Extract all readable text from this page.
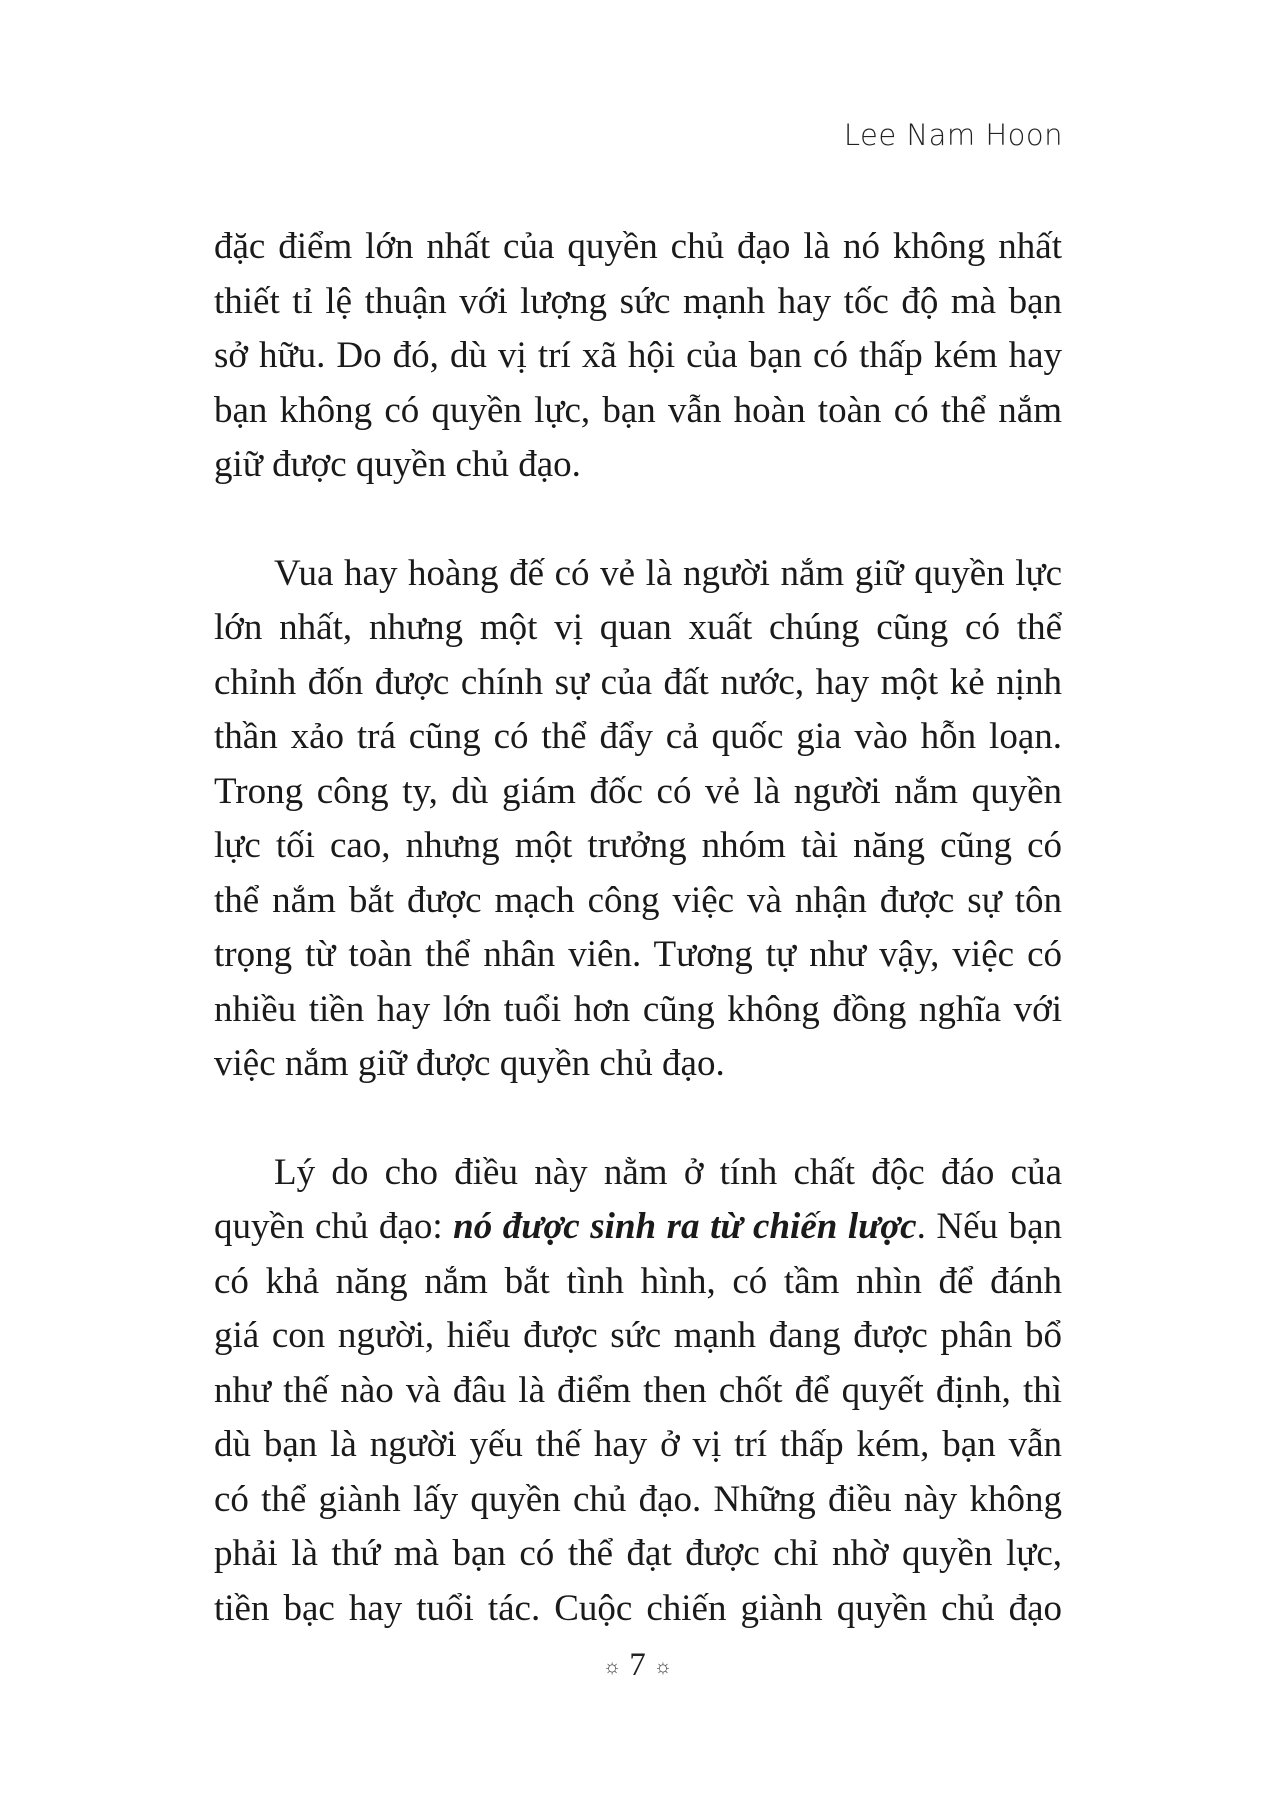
Lee Nam Hoon

đặc điểm lớn nhất của quyền chủ đạo là nó không nhất
thiết tỉ lệ thuận với lượng sức mạnh hay tốc độ mà bạn
sở hữu. Do đó, dù vị trí xã hội của bạn có thấp kém hay
bạn không có quyền lực, bạn vẫn hoàn toàn có thể nắm
giữ được quyền chủ đạo.

Vua hay hoàng đế có vẻ là người nắm giữ quyền lực
lớn nhất, nhưng một vị quan xuất chúng cũng có thể
chỉnh đốn được chính sự của đất nước, hay một kẻ nịnh
thần xảo trá cũng có thể đẩy cả quốc gia vào hỗn loạn.
Trong công ty, dù giám đốc có vẻ là người nắm quyền
lực tối cao, nhưng một trưởng nhóm tài năng cũng có
thể nắm bắt được mạch công việc và nhận được sự tôn
trọng từ toàn thể nhân viên. Tương tự như vậy, việc có
nhiều tiền hay lớn tuổi hơn cũng không đồng nghĩa với
việc nắm giữ được quyền chủ đạo.

Lý do cho điều này nằm ở tính chất độc đáo của
quyền chủ đạo: nó được sinh ra từ chiến lược. Nếu bạn
có khả năng nắm bắt tình hình, có tầm nhìn để đánh
giá con người, hiểu được sức mạnh đang được phân bổ
như thế nào và đâu là điểm then chốt để quyết định, thì
dù bạn là người yếu thế hay ở vị trí thấp kém, bạn vẫn
có thể giành lấy quyền chủ đạo. Những điều này không
phải là thứ mà bạn có thể đạt được chỉ nhờ quyền lực,
tiền bạc hay tuổi tác. Cuộc chiến giành quyền chủ đạo

☼ 7 ☼
